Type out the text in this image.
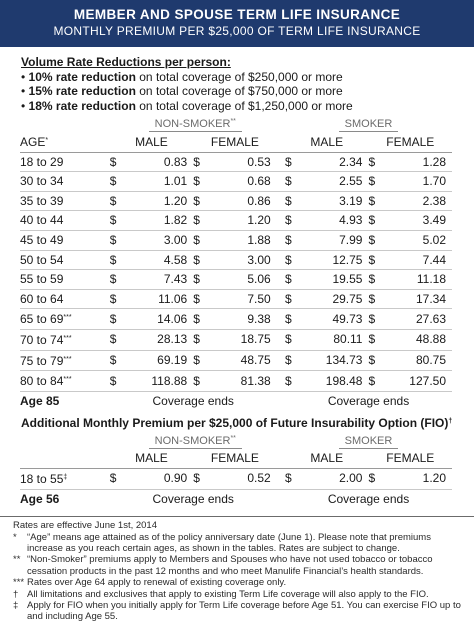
MEMBER AND SPOUSE TERM LIFE INSURANCE
MONTHLY PREMIUM PER $25,000 OF TERM LIFE INSURANCE
Volume Rate Reductions per person:
• 10% rate reduction on total coverage of $250,000 or more
• 15% rate reduction on total coverage of $750,000 or more
• 18% rate reduction on total coverage of $1,250,000 or more
	NON-SMOKER**						SMOKER			
AGE*	MALE		FEMALE				MALE		FEMALE	
18 to 29	$	0.83	$	0.53			$	2.34	$	1.28
30 to 34	$	1.01	$	0.68			$	2.55	$	1.70
35 to 39	$	1.20	$	0.86			$	3.19	$	2.38
40 to 44	$	1.82	$	1.20			$	4.93	$	3.49
45 to 49	$	3.00	$	1.88			$	7.99	$	5.02
50 to 54	$	4.58	$	3.00			$	12.75	$	7.44
55 to 59	$	7.43	$	5.06			$	19.55	$	11.18
60 to 64	$	11.06	$	7.50			$	29.75	$	17.34
65 to 69***	$	14.06	$	9.38			$	49.73	$	27.63
70 to 74***	$	28.13	$	18.75			$	80.11	$	48.88
75 to 79***	$	69.19	$	48.75			$	134.73	$	80.75
80 to 84***	$	118.88	$	81.38			$	198.48	$	127.50
Age 85	Coverage ends						Coverage ends			
Additional Monthly Premium per $25,000 of Future Insurability Option (FIO)†
	NON-SMOKER**						SMOKER			
	MALE		FEMALE				MALE		FEMALE	
18 to 55‡	$	0.90	$	0.52			$	2.00	$	1.20
Age 56	Coverage ends						Coverage ends			
Rates are effective June 1st, 2014
*	“Age” means age attained as of the policy anniversary date (June 1). Please note that premiums increase as you reach certain ages, as shown in the tables. Rates are subject to change.
** “Non-Smoker” premiums apply to Members and Spouses who have not used tobacco or tobacco cessation products in the past 12 months and who meet Manulife Financial’s health standards.
*** Rates over Age 64 apply to renewal of existing coverage only.
† All limitations and exclusives that apply to existing Term Life coverage will also apply to the FIO.
‡ Apply for FIO when you initially apply for Term Life coverage before Age 51. You can exercise FIO up to and including Age 55.
